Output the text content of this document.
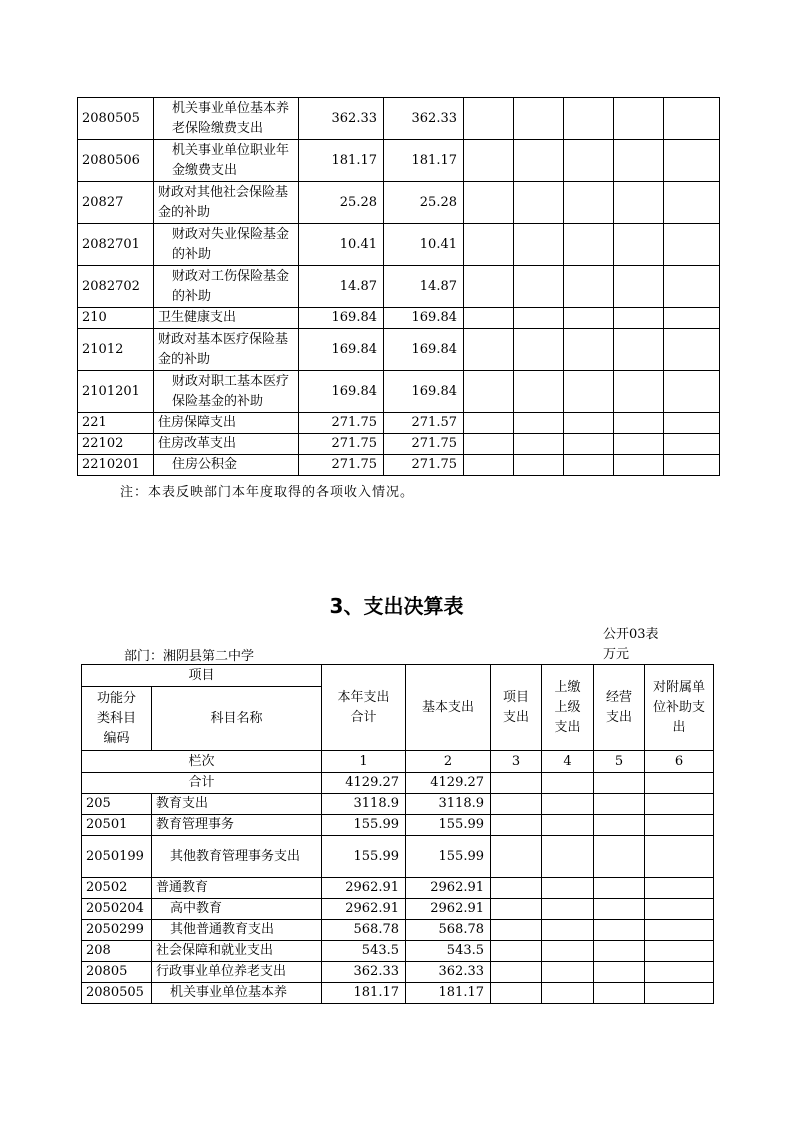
2080505	机关事业单位基本养老保险缴费支出	362.33	362.33					
2080506	机关事业单位职业年金缴费支出	181.17	181.17					
20827	财政对其他社会保险基金的补助	25.28	25.28					
2082701	财政对失业保险基金的补助	10.41	10.41					
2082702	财政对工伤保险基金的补助	14.87	14.87					
210	卫生健康支出	169.84	169.84					
21012	财政对基本医疗保险基金的补助	169.84	169.84					
2101201	财政对职工基本医疗保险基金的补助	169.84	169.84					
221	住房保障支出	271.75	271.57					
22102	住房改革支出	271.75	271.75					
2210201	住房公积金	271.75	271.75					
注：本表反映部门本年度取得的各项收入情况。
3、支出决算表
公开03表
万元
部门：湘阴县第二中学
项目		本年支出合计	基本支出	项目支出	上缴上级支出	经营支出	对附属单位补助支出

功能分类科目编码	科目名称						
栏次		1	2	3	4	5	6
合计		4129.27	4129.27				
205	教育支出	3118.9	3118.9				
20501	教育管理事务	155.99	155.99				
2050199	其他教育管理事务支出	155.99	155.99				
20502	普通教育	2962.91	2962.91				
2050204	高中教育	2962.91	2962.91				
2050299	其他普通教育支出	568.78	568.78				
208	社会保障和就业支出	543.5	543.5				
20805	行政事业单位养老支出	362.33	362.33				
2080505	机关事业单位基本养	181.17	181.17				
